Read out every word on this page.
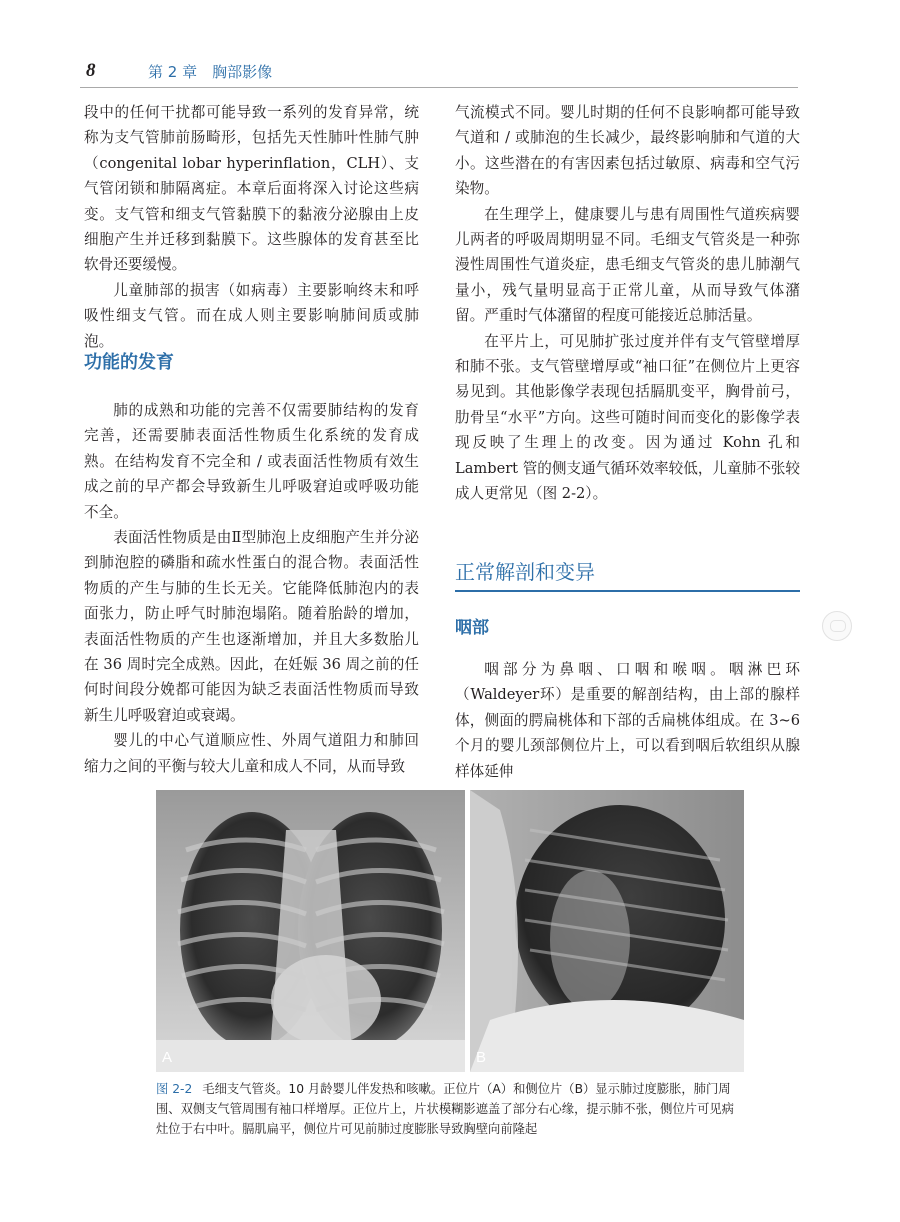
8	第 2 章　胸部影像

段中的任何干扰都可能导致一系列的发育异常，统称为支气管肺前肠畸形，包括先天性肺叶性肺气肿（congenital lobar hyperinflation，CLH）、支气管闭锁和肺隔离症。本章后面将深入讨论这些病变。支气管和细支气管黏膜下的黏液分泌腺由上皮细胞产生并迁移到黏膜下。这些腺体的发育甚至比软骨还要缓慢。

儿童肺部的损害（如病毒）主要影响终末和呼吸性细支气管。而在成人则主要影响肺间质或肺泡。

功能的发育

肺的成熟和功能的完善不仅需要肺结构的发育完善，还需要肺表面活性物质生化系统的发育成熟。在结构发育不完全和 / 或表面活性物质有效生成之前的早产都会导致新生儿呼吸窘迫或呼吸功能不全。

表面活性物质是由Ⅱ型肺泡上皮细胞产生并分泌到肺泡腔的磷脂和疏水性蛋白的混合物。表面活性物质的产生与肺的生长无关。它能降低肺泡内的表面张力，防止呼气时肺泡塌陷。随着胎龄的增加，表面活性物质的产生也逐渐增加，并且大多数胎儿在 36 周时完全成熟。因此，在妊娠 36 周之前的任何时间段分娩都可能因为缺乏表面活性物质而导致新生儿呼吸窘迫或衰竭。

婴儿的中心气道顺应性、外周气道阻力和肺回缩力之间的平衡与较大儿童和成人不同，从而导致

气流模式不同。婴儿时期的任何不良影响都可能导致气道和 / 或肺泡的生长减少，最终影响肺和气道的大小。这些潜在的有害因素包括过敏原、病毒和空气污染物。

在生理学上，健康婴儿与患有周围性气道疾病婴儿两者的呼吸周期明显不同。毛细支气管炎是一种弥漫性周围性气道炎症，患毛细支气管炎的患儿肺潮气量小，残气量明显高于正常儿童，从而导致气体潴留。严重时气体潴留的程度可能接近总肺活量。

在平片上，可见肺扩张过度并伴有支气管壁增厚和肺不张。支气管壁增厚或“袖口征”在侧位片上更容易见到。其他影像学表现包括膈肌变平，胸骨前弓，肋骨呈“水平”方向。这些可随时间而变化的影像学表现反映了生理上的改变。因为通过 Kohn 孔和 Lambert 管的侧支通气循环效率较低，儿童肺不张较成人更常见（图 2-2）。

正常解剖和变异
咽部

咽部分为鼻咽、口咽和喉咽。咽淋巴环（Waldeyer环）是重要的解剖结构，由上部的腺样体，侧面的腭扁桃体和下部的舌扁桃体组成。在 3~6 个月的婴儿颈部侧位片上，可以看到咽后软组织从腺样体延伸

A	B
图 2-2 毛细支气管炎。10 月龄婴儿伴发热和咳嗽。正位片（A）和侧位片（B）显示肺过度膨胀，肺门周围、双侧支气管周围有袖口样增厚。正位片上，片状模糊影遮盖了部分右心缘，提示肺不张，侧位片可见病灶位于右中叶。膈肌扁平，侧位片可见前肺过度膨胀导致胸壁向前隆起
